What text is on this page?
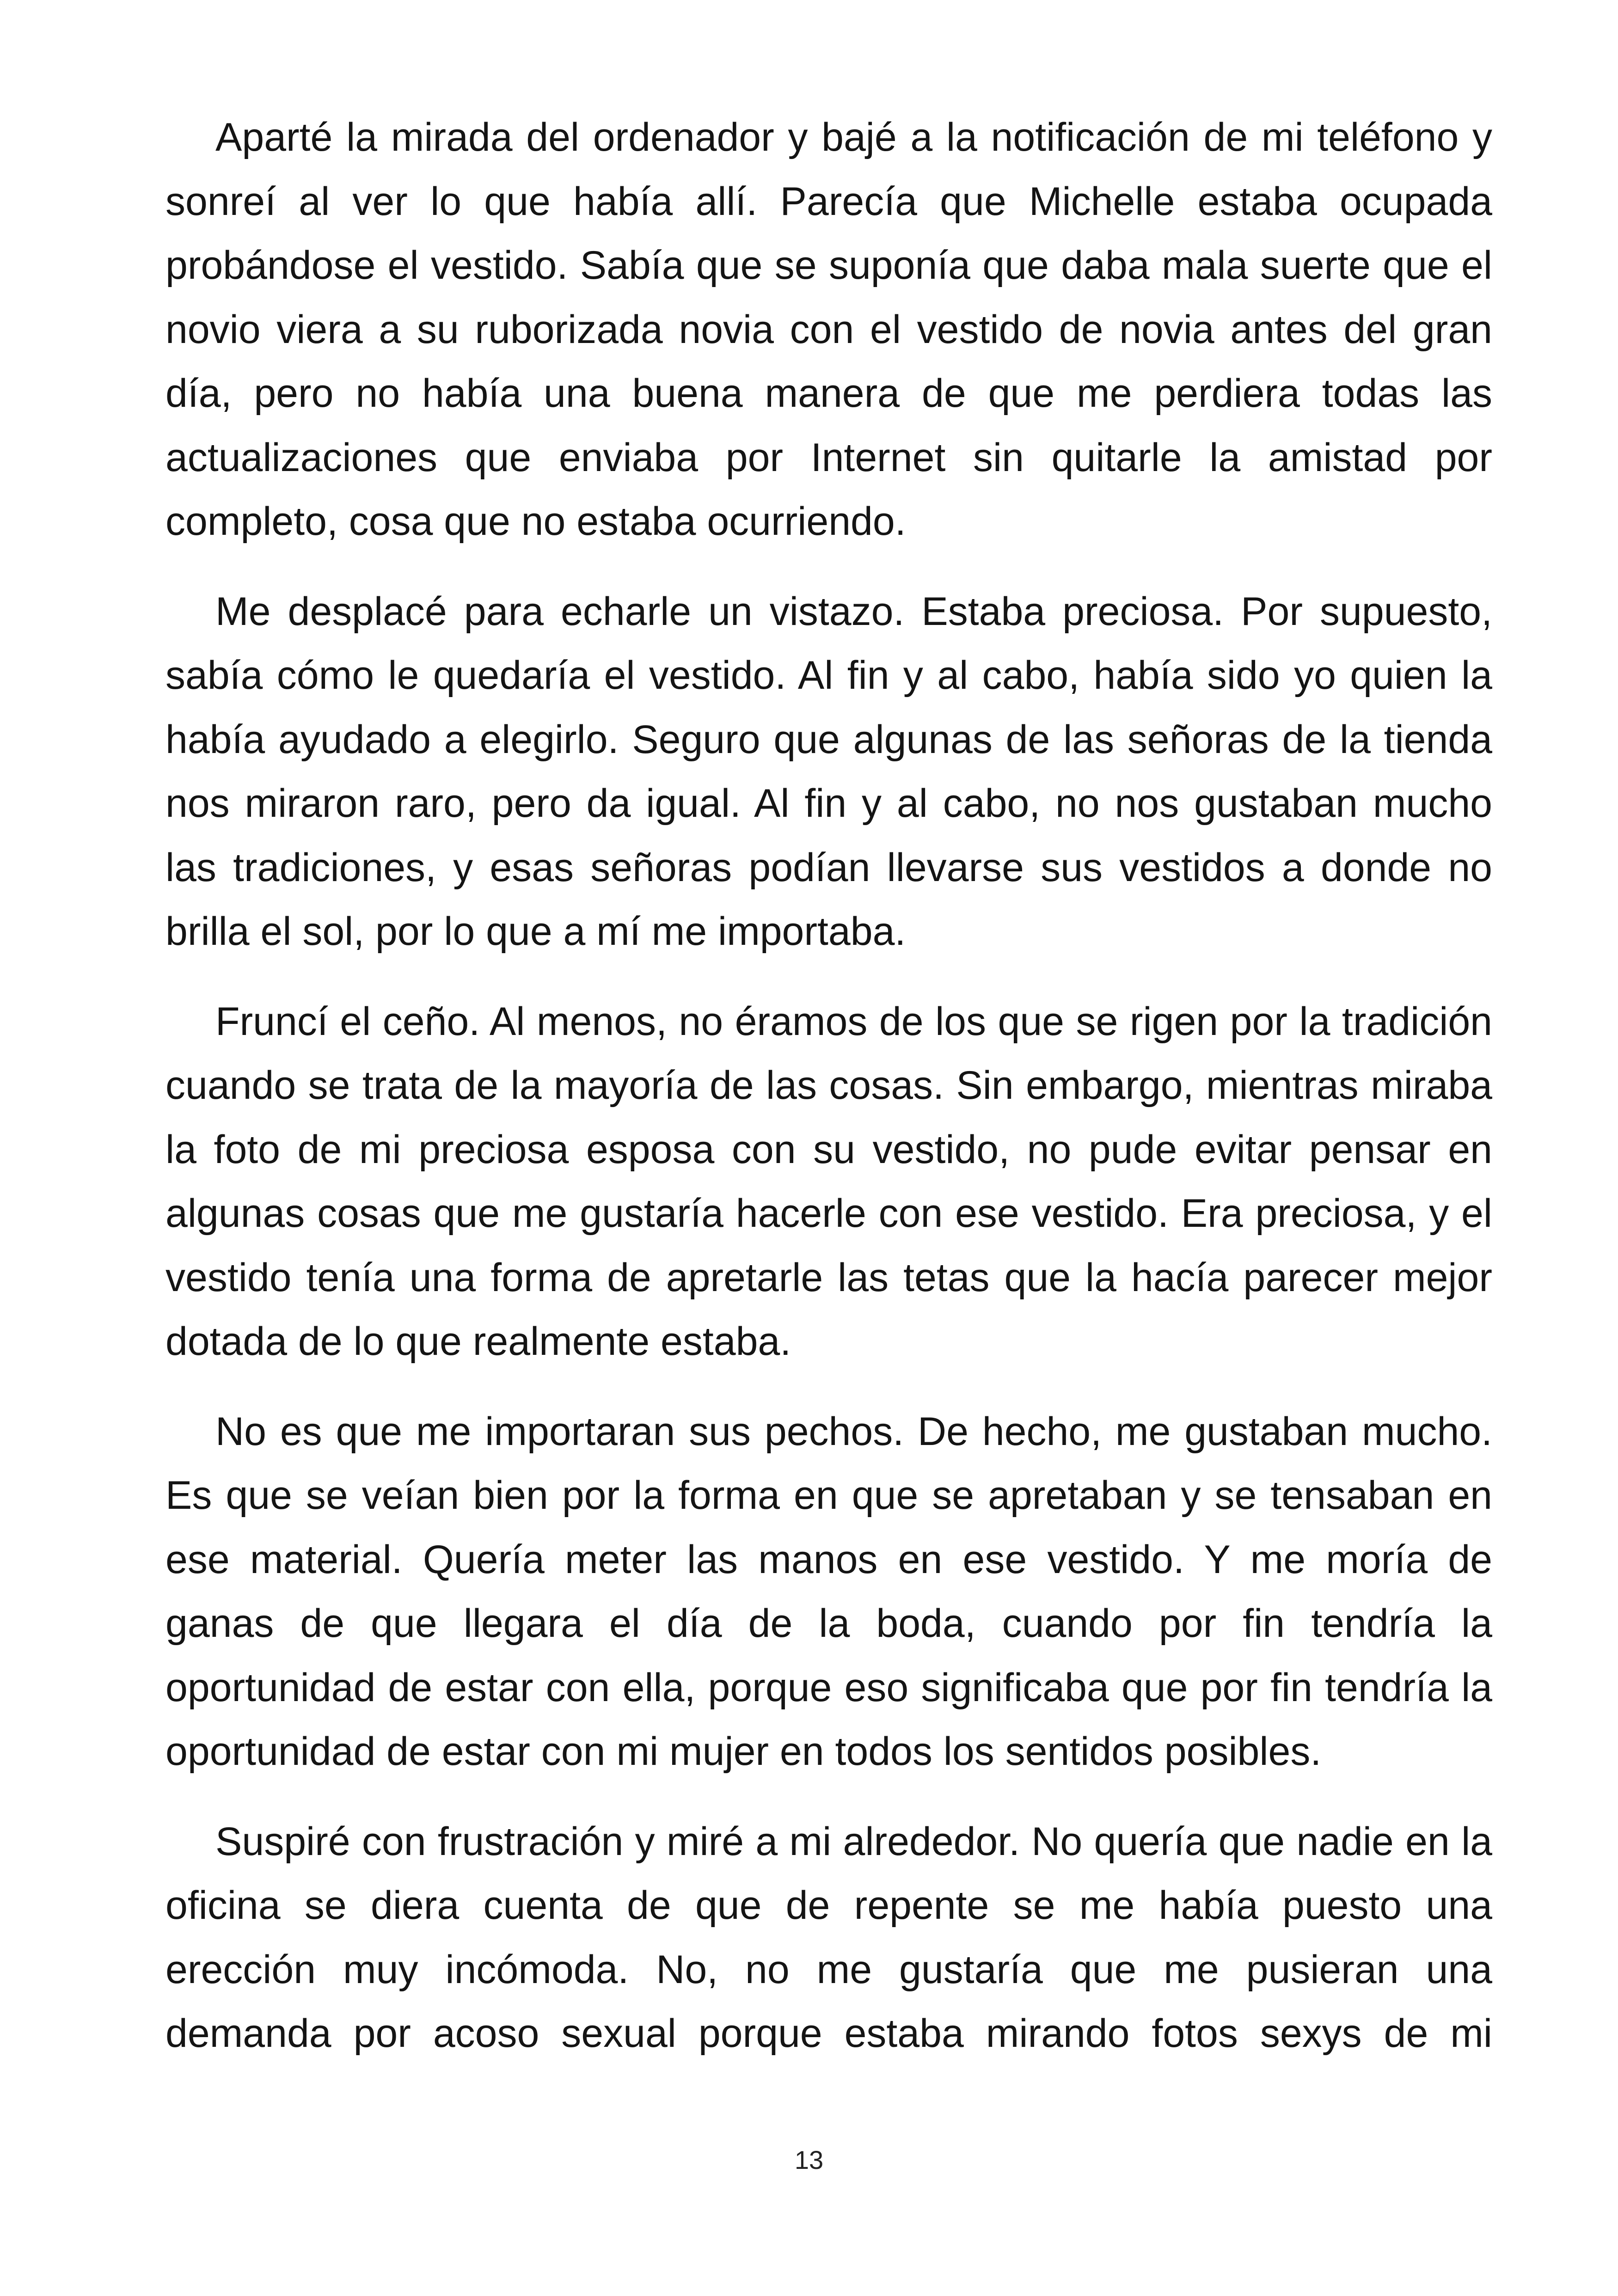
Aparté la mirada del ordenador y bajé a la notificación de mi teléfono y sonreí al ver lo que había allí. Parecía que Michelle estaba ocupada probándose el vestido. Sabía que se suponía que daba mala suerte que el novio viera a su ruborizada novia con el vestido de novia antes del gran día, pero no había una buena manera de que me perdiera todas las actualizaciones que enviaba por Internet sin quitarle la amistad por completo, cosa que no estaba ocurriendo.

Me desplacé para echarle un vistazo. Estaba preciosa. Por supuesto, sabía cómo le quedaría el vestido. Al fin y al cabo, había sido yo quien la había ayudado a elegirlo. Seguro que algunas de las señoras de la tienda nos miraron raro, pero da igual. Al fin y al cabo, no nos gustaban mucho las tradiciones, y esas señoras podían llevarse sus vestidos a donde no brilla el sol, por lo que a mí me importaba.

Fruncí el ceño. Al menos, no éramos de los que se rigen por la tradición cuando se trata de la mayoría de las cosas. Sin embargo, mientras miraba la foto de mi preciosa esposa con su vestido, no pude evitar pensar en algunas cosas que me gustaría hacerle con ese vestido. Era preciosa, y el vestido tenía una forma de apretarle las tetas que la hacía parecer mejor dotada de lo que realmente estaba.

No es que me importaran sus pechos. De hecho, me gustaban mucho. Es que se veían bien por la forma en que se apretaban y se tensaban en ese material. Quería meter las manos en ese vestido. Y me moría de ganas de que llegara el día de la boda, cuando por fin tendría la oportunidad de estar con ella, porque eso significaba que por fin tendría la oportunidad de estar con mi mujer en todos los sentidos posibles.

Suspiré con frustración y miré a mi alrededor. No quería que nadie en la oficina se diera cuenta de que de repente se me había puesto una erección muy incómoda. No, no me gustaría que me pusieran una demanda por acoso sexual porque estaba mirando fotos sexys de mi

13
